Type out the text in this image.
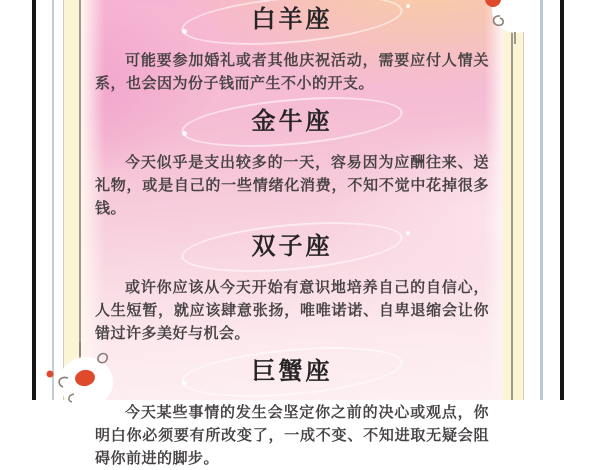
白羊座

可能要参加婚礼或者其他庆祝活动，需要应付人情关系，也会因为份子钱而产生不小的开支。

金牛座

今天似乎是支出较多的一天，容易因为应酬往来、送礼物，或是自己的一些情绪化消费，不知不觉中花掉很多钱。

双子座

或许你应该从今天开始有意识地培养自己的自信心，人生短暂，就应该肆意张扬，唯唯诺诺、自卑退缩会让你错过许多美好与机会。

巨蟹座

今天某些事情的发生会坚定你之前的决心或观点，你明白你必须要有所改变了，一成不变、不知进取无疑会阻碍你前进的脚步。
